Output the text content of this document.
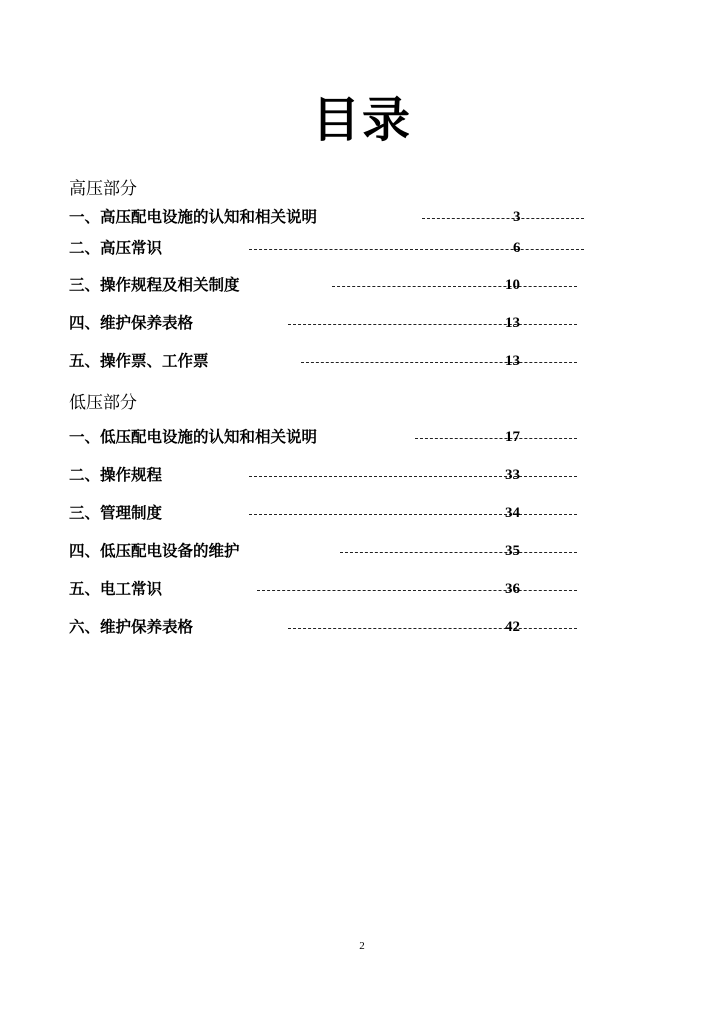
目录
高压部分
一、高压配电设施的认知和相关说明	3
二、高压常识	6
三、操作规程及相关制度	10
四、维护保养表格	13
五、操作票、工作票	13
低压部分
一、低压配电设施的认知和相关说明	17
二、操作规程	33
三、管理制度	34
四、低压配电设备的维护	35
五、电工常识	36
六、维护保养表格	42
2
